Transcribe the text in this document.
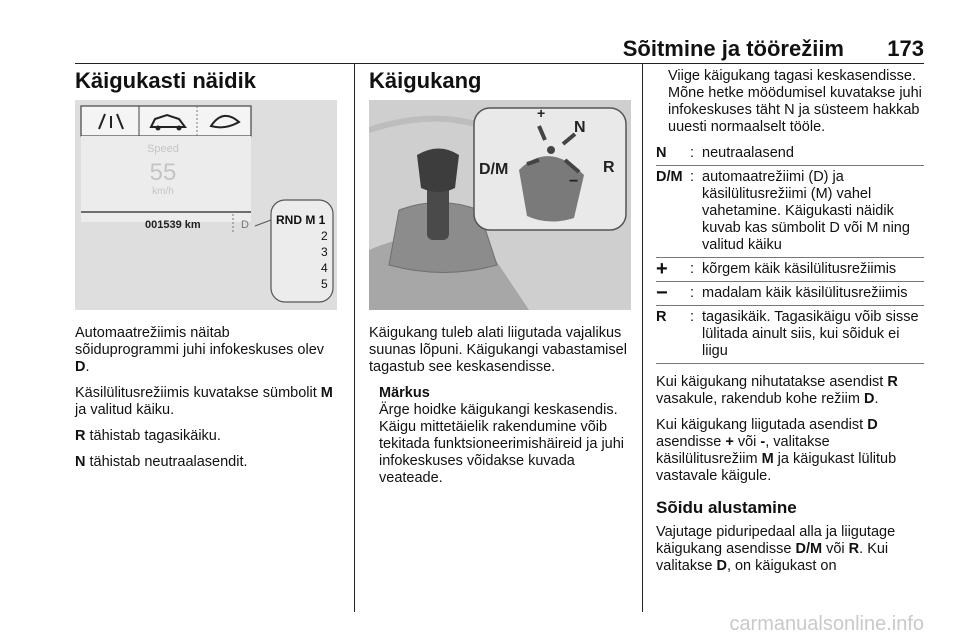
Sõitmine ja töörežiim 173
Käigukasti näidik
Speed
55
km/h
001539 km	D RND M 1
2
3
4
5

Automaatrežiimis näitab sõiduprogrammi juhi infokeskuses olev D.

Käsilülitusrežiimis kuvatakse sümbolit M ja valitud käiku.

R tähistab tagasikäiku.

N tähistab neutraalasendit.

Käigukang
+
N
D/M	R
−

Käigukang tuleb alati liigutada vajalikus suunas lõpuni. Käigukangi vabastamisel tagastub see keskasendisse.

Märkus
Ärge hoidke käigukangi keskasendis. Käigu mittetäielik rakendumine võib tekitada funktsioneerimishäireid ja juhi infokeskuses võidakse kuvada veateade.

Viige käigukang tagasi keskasendisse. Mõne hetke möödumisel kuvatakse juhi infokeskuses täht N ja süsteem hakkab uuesti normaalselt tööle.

N	: neutraalasend
D/M : automaatrežiimi (D) ja käsilülitusrežiimi (M) vahel vahetamine. Käigukasti näidik kuvab kas sümbolit D või M ning valitud käiku
+	: kõrgem käik käsilülitusrežiimis
−	: madalam käik käsilülitusrežiimis
R	: tagasikäik. Tagasikäigu võib sisse lülitada ainult siis, kui sõiduk ei liigu

Kui käigukang nihutatakse asendist R vasakule, rakendub kohe režiim D.

Kui käigukang liigutada asendist D asendisse + või -, valitakse käsilülitusrežiim M ja käigukast lülitub vastavale käigule.

Sõidu alustamine

Vajutage piduripedaal alla ja liigutage käigukang asendisse D/M või R. Kui valitakse D, on käigukast on

carmanualsonline.info
